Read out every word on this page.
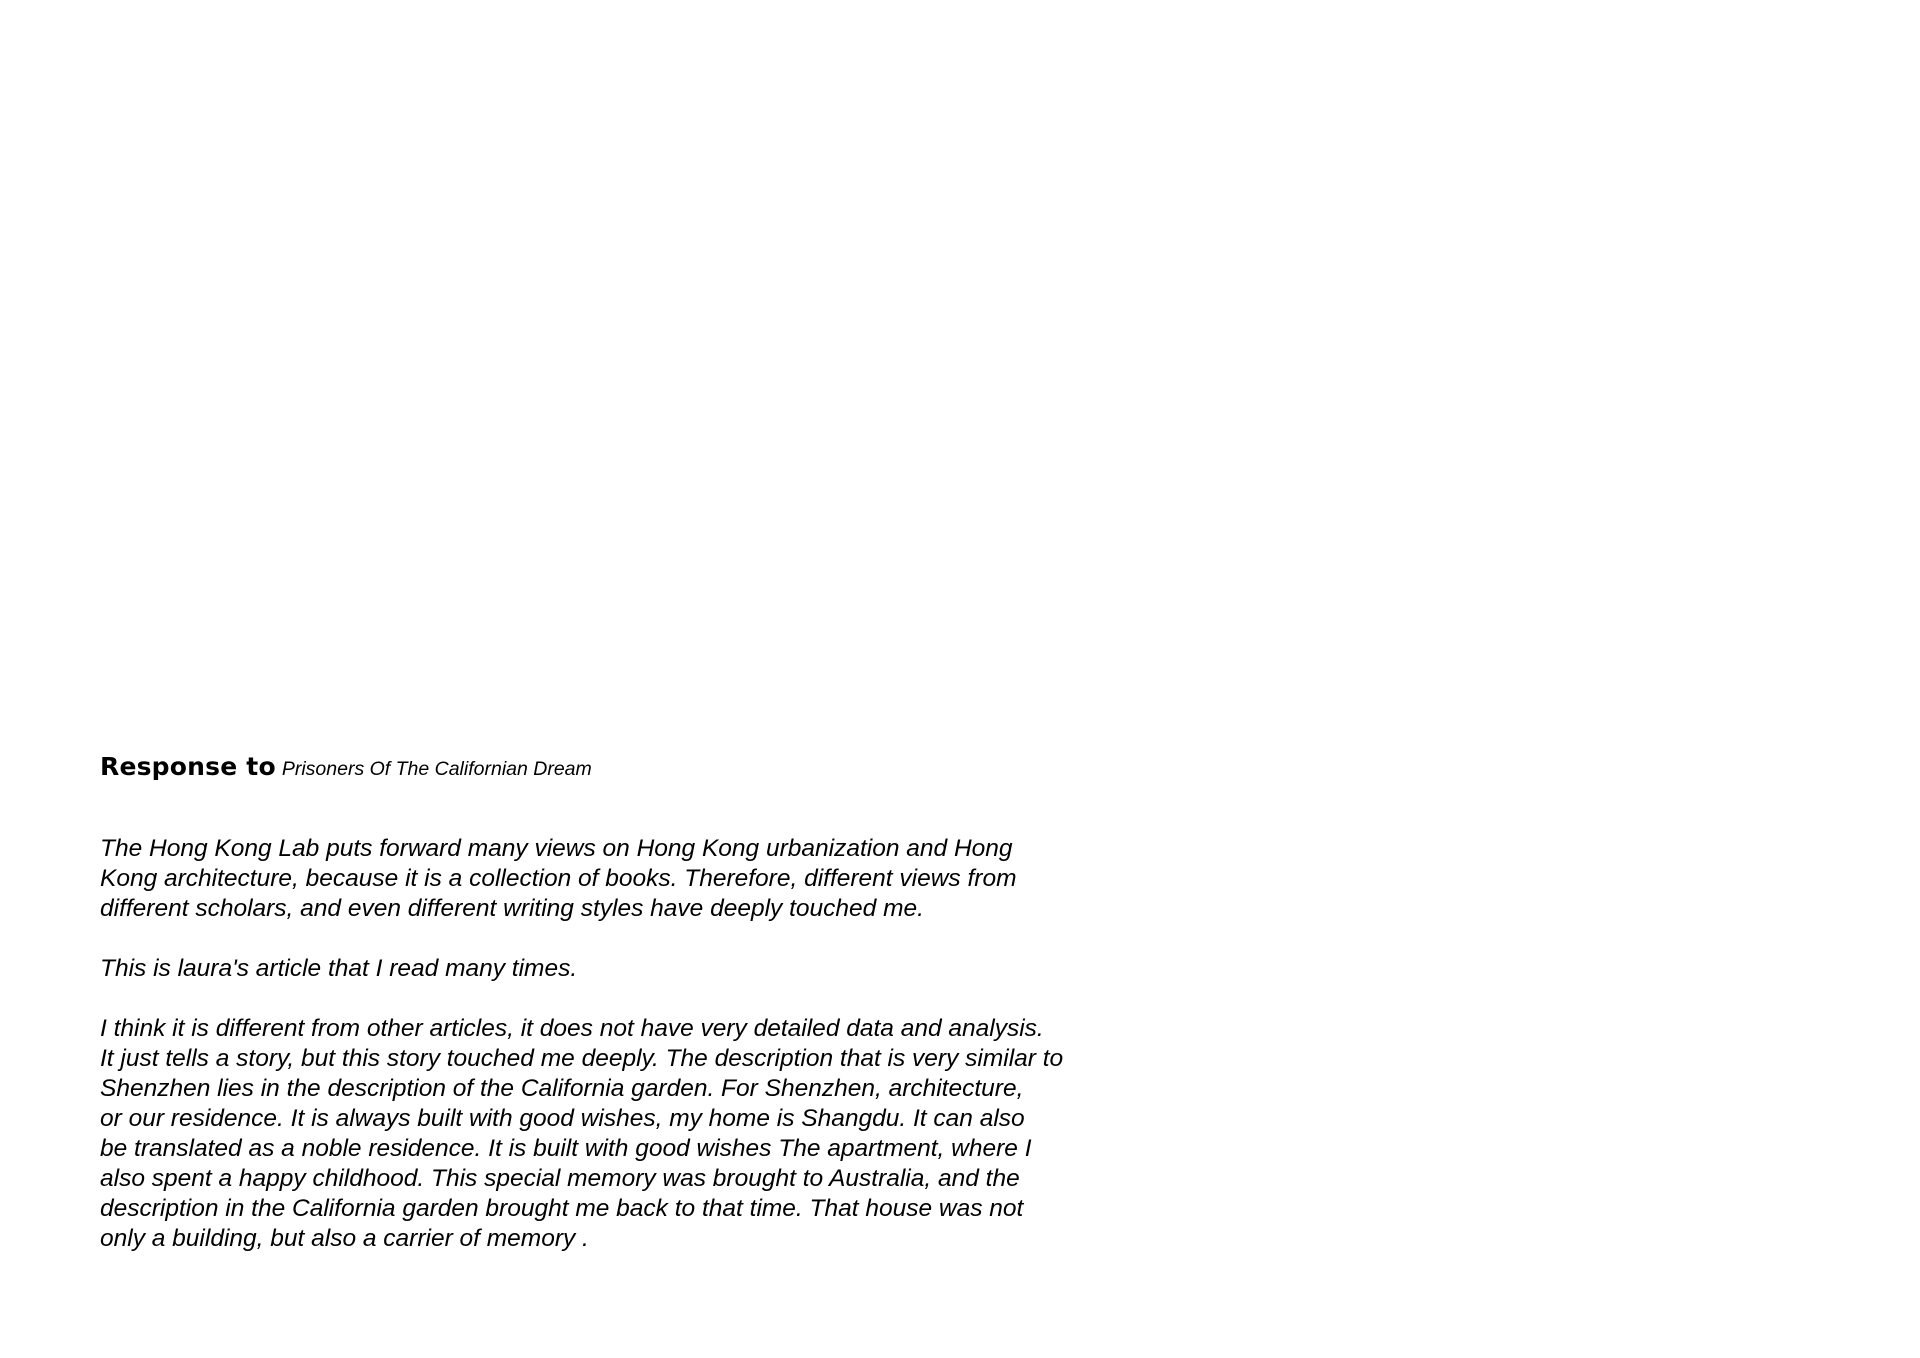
Response to Prisoners Of The Californian Dream
The Hong Kong Lab puts forward many views on Hong Kong urbanization and Hong
Kong architecture, because it is a collection of books. Therefore, different views from
different scholars, and even different writing styles have deeply touched me.
This is laura's article that I read many times.
I think it is different from other articles, it does not have very detailed data and analysis.
It just tells a story, but this story touched me deeply. The description that is very similar to
Shenzhen lies in the description of the California garden. For Shenzhen, architecture,
or our residence. It is always built with good wishes, my home is Shangdu. It can also
be translated as a noble residence. It is built with good wishes The apartment, where I
also spent a happy childhood. This special memory was brought to Australia, and the
description in the California garden brought me back to that time. That house was not
only a building, but also a carrier of memory .
